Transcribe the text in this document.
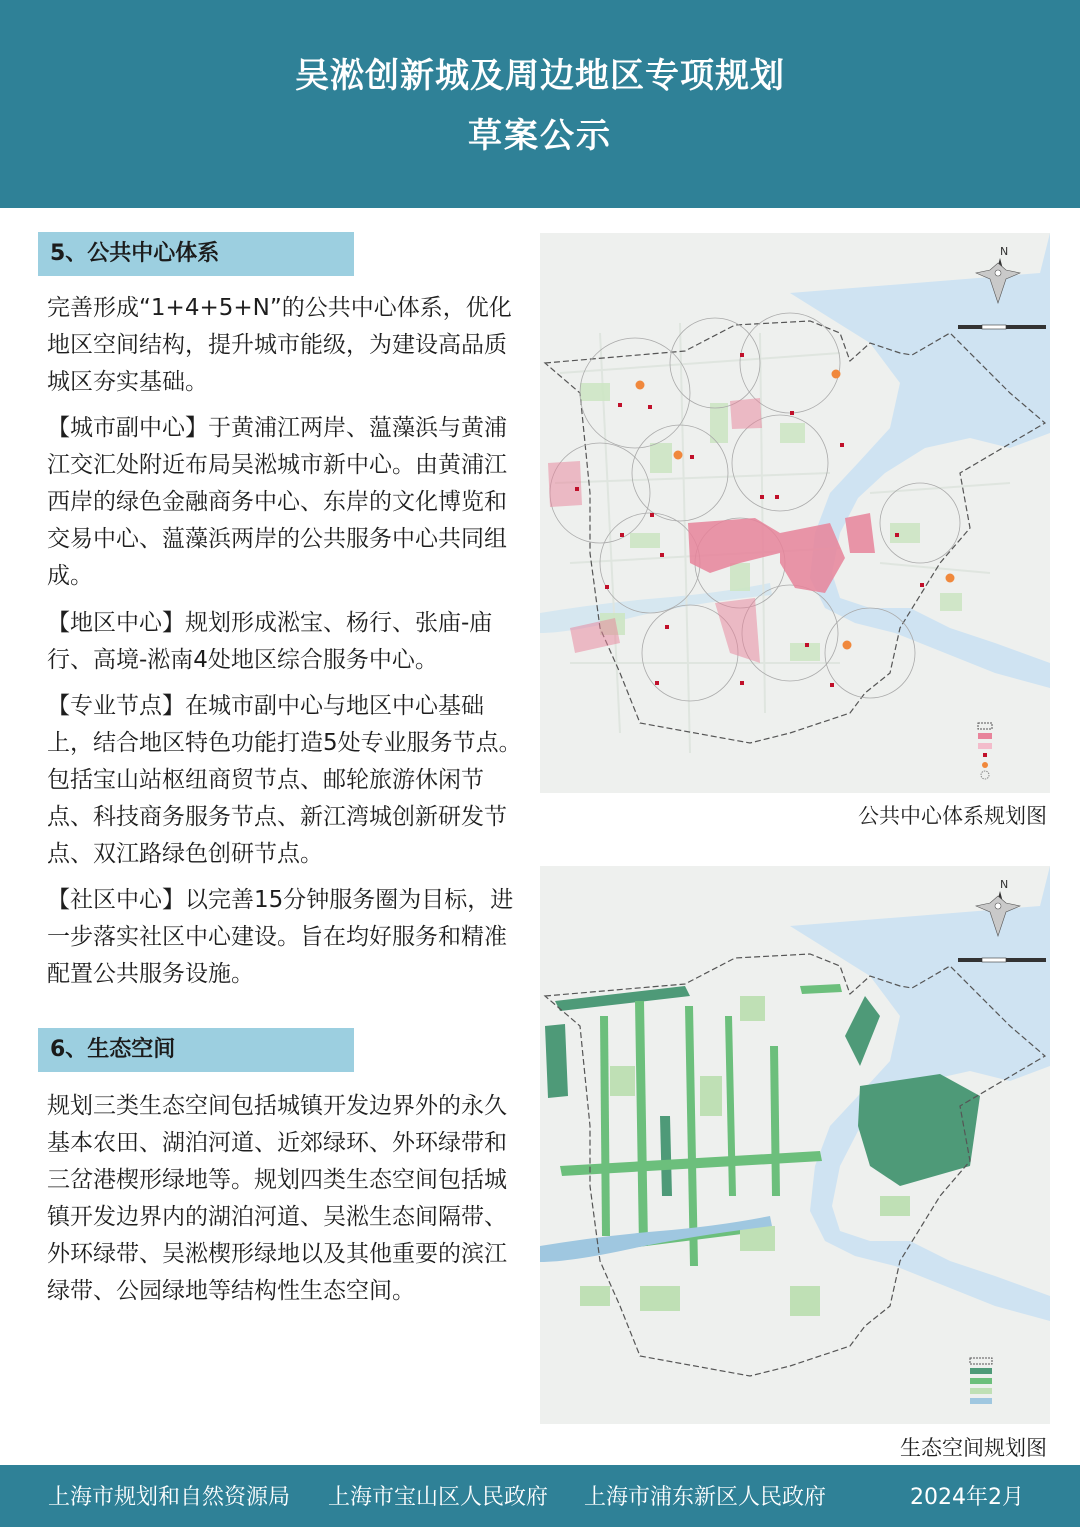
吴淞创新城及周边地区专项规划
草案公示
5、公共中心体系

完善形成“1+4+5+N”的公共中心体系，优化地区空间结构，提升城市能级，为建设高品质城区夯实基础。

【城市副中心】于黄浦江两岸、蕰藻浜与黄浦江交汇处附近布局吴淞城市新中心。由黄浦江西岸的绿色金融商务中心、东岸的文化博览和交易中心、蕰藻浜两岸的公共服务中心共同组成。

【地区中心】规划形成淞宝、杨行、张庙-庙行、高境-淞南4处地区综合服务中心。

【专业节点】在城市副中心与地区中心基础上，结合地区特色功能打造5处专业服务节点。包括宝山站枢纽商贸节点、邮轮旅游休闲节点、科技商务服务节点、新江湾城创新研发节点、双江路绿色创研节点。

【社区中心】以完善15分钟服务圈为目标，进一步落实社区中心建设。旨在均好服务和精准配置公共服务设施。

6、生态空间

规划三类生态空间包括城镇开发边界外的永久基本农田、湖泊河道、近郊绿环、外环绿带和三岔港楔形绿地等。规划四类生态空间包括城镇开发边界内的湖泊河道、吴淞生态间隔带、外环绿带、吴淞楔形绿地以及其他重要的滨江绿带、公园绿地等结构性生态空间。

N
公共中心体系规划图
N
生态空间规划图
上海市规划和自然资源局 上海市宝山区人民政府 上海市浦东新区人民政府	2024年2月
